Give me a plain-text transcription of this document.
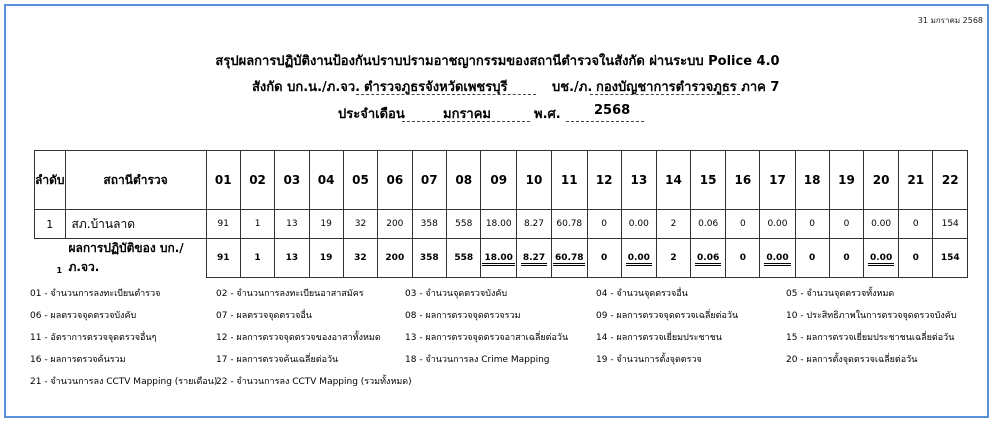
31 มกราคม 2568
สรุปผลการปฏิบัติงานป้องกันปราบปรามอาชญากรรมของสถานีตำรวจในสังกัด ผ่านระบบ Police 4.0
สังกัด บก.น./ภ.จว. ตำรวจภูธรจังหวัดเพชรบุรี	บช./ภ. กองบัญชาการตำรวจภูธร ภาค 7
ประจำเดือน	มกราคม	พ.ศ.	2568
ลำดับ	สถานีตำรวจ	01	02	03	04	05	06	07	08	09	10	11	12	13	14	15	16	17	18	19	20	21	22
1	สภ.บ้านลาด	91	1	13	19	32	200	358	558	18.00	8.27	60.78	0	0.00	2	0.06	0	0.00	0	0	0.00	0	154

1
ผลการปฏิบัติของ บก./ภ.จว.		91	1	13	19	32	200	358	558	18.00	8.27	60.78	0	0.00	2	0.06	0	0.00	0	0	0.00	0	154
01 - จำนวนการลงทะเบียนตำรวจ	02 - จำนวนการลงทะเบียนอาสาสมัคร	03 - จำนวนจุดตรวจบังคับ	04 - จำนวนจุดตรวจอื่น	05 - จำนวนจุดตรวจทั้งหมด
06 - ผลตรวจจุดตรวจบังคับ	07 - ผลตรวจจุดตรวจอื่น	08 - ผลการตรวจจุดตรวจรวม	09 - ผลการตรวจจุดตรวจเฉลี่ยต่อวัน	10 - ประสิทธิภาพในการตรวจจุดตรวจบังคับ
11 - อัตราการตรวจจุดตรวจอื่นๆ	12 - ผลการตรวจจุดตรวจของอาสาทั้งหมด	13 - ผลการตรวจจุดตรวจอาสาเฉลี่ยต่อวัน	14 - ผลการตรวจเยี่ยมประชาชน	15 - ผลการตรวจเยี่ยมประชาชนเฉลี่ยต่อวัน
16 - ผลการตรวจค้นรวม	17 - ผลการตรวจค้นเฉลี่ยต่อวัน	18 - จำนวนการลง Crime Mapping	19 - จำนวนการตั้งจุดตรวจ	20 - ผลการตั้งจุดตรวจเฉลี่ยต่อวัน
21 - จำนวนการลง CCTV Mapping (รายเดือน)
22 - จำนวนการลง CCTV Mapping (รวมทั้งหมด)
